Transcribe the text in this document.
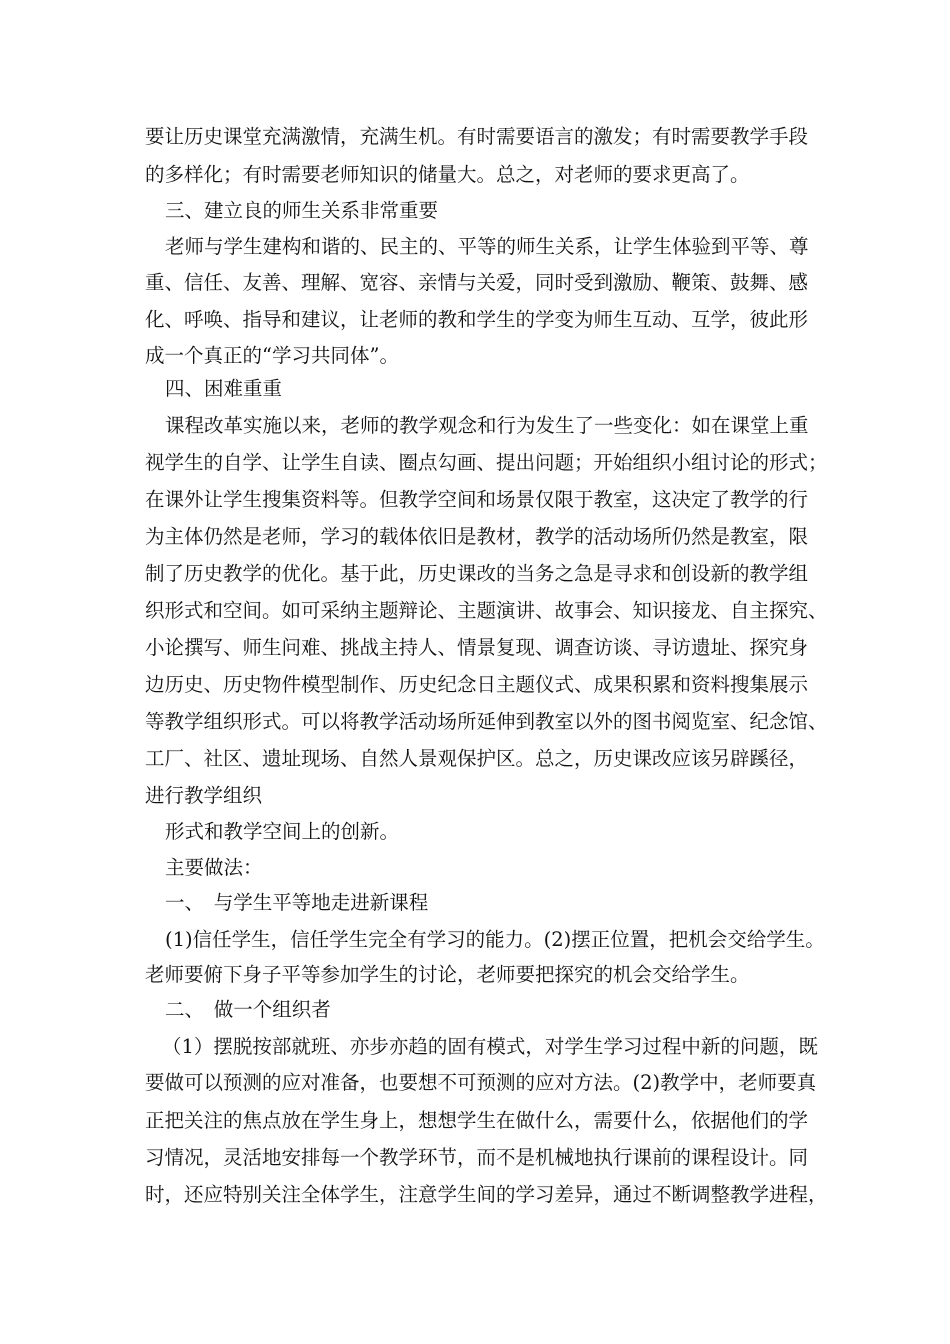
要让历史课堂充满激情，充满生机。有时需要语言的激发；有时需要教学手段

的多样化；有时需要老师知识的储量大。总之，对老师的要求更高了。

三、建立良的师生关系非常重要

老师与学生建构和谐的、民主的、平等的师生关系，让学生体验到平等、尊

重、信任、友善、理解、宽容、亲情与关爱，同时受到激励、鞭策、鼓舞、感

化、呼唤、指导和建议，让老师的教和学生的学变为师生互动、互学，彼此形

成一个真正的“学习共同体”。

四、困难重重

课程改革实施以来，老师的教学观念和行为发生了一些变化：如在课堂上重

视学生的自学、让学生自读、圈点勾画、提出问题；开始组织小组讨论的形式；

在课外让学生搜集资料等。但教学空间和场景仅限于教室，这决定了教学的行

为主体仍然是老师，学习的载体依旧是教材，教学的活动场所仍然是教室，限

制了历史教学的优化。基于此，历史课改的当务之急是寻求和创设新的教学组

织形式和空间。如可采纳主题辩论、主题演讲、故事会、知识接龙、自主探究、

小论撰写、师生问难、挑战主持人、情景复现、调查访谈、寻访遗址、探究身

边历史、历史物件模型制作、历史纪念日主题仪式、成果积累和资料搜集展示

等教学组织形式。可以将教学活动场所延伸到教室以外的图书阅览室、纪念馆、

工厂、社区、遗址现场、自然人景观保护区。总之，历史课改应该另辟蹊径，

进行教学组织

形式和教学空间上的创新。

主要做法：

一、　与学生平等地走进新课程

(1)信任学生，信任学生完全有学习的能力。(2)摆正位置，把机会交给学生。

老师要俯下身子平等参加学生的讨论，老师要把探究的机会交给学生。

二、　做一个组织者

（1）摆脱按部就班、亦步亦趋的固有模式，对学生学习过程中新的问题，既

要做可以预测的应对准备，也要想不可预测的应对方法。(2)教学中，老师要真

正把关注的焦点放在学生身上，想想学生在做什么，需要什么，依据他们的学

习情况，灵活地安排每一个教学环节，而不是机械地执行课前的课程设计。同

时，还应特别关注全体学生，注意学生间的学习差异，通过不断调整教学进程，
